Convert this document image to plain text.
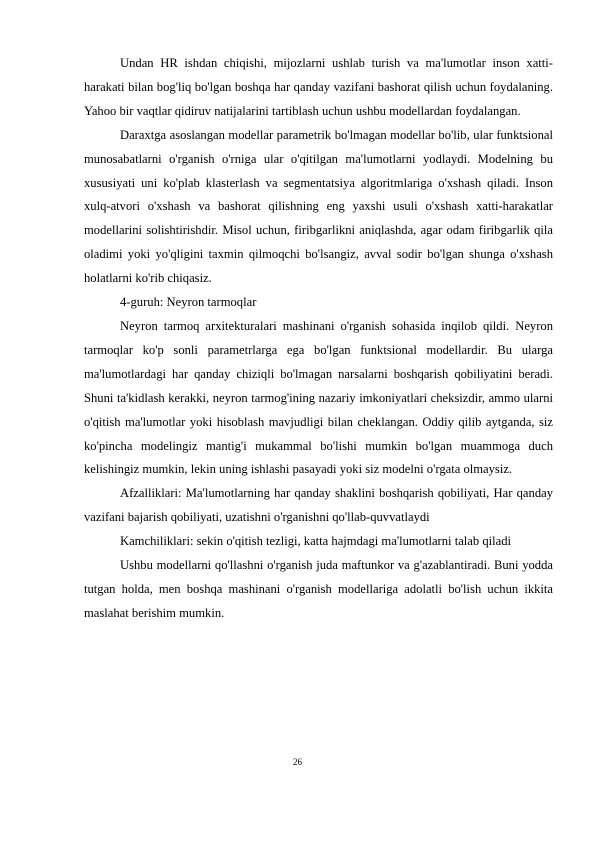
Undan HR ishdan chiqishi, mijozlarni ushlab turish va ma'lumotlar inson xatti-harakati bilan bog'liq bo'lgan boshqa har qanday vazifani bashorat qilish uchun foydalaning. Yahoo bir vaqtlar qidiruv natijalarini tartiblash uchun ushbu modellardan foydalangan.

Daraxtga asoslangan modellar parametrik bo'lmagan modellar bo'lib, ular funktsional munosabatlarni o'rganish o'rniga ular o'qitilgan ma'lumotlarni yodlaydi. Modelning bu xususiyati uni ko'plab klasterlash va segmentatsiya algoritmlariga o'xshash qiladi. Inson xulq-atvori o'xshash va bashorat qilishning eng yaxshi usuli o'xshash xatti-harakatlar modellarini solishtirishdir. Misol uchun, firibgarlikni aniqlashda, agar odam firibgarlik qila oladimi yoki yo'qligini taxmin qilmoqchi bo'lsangiz, avval sodir bo'lgan shunga o'xshash holatlarni ko'rib chiqasiz.

4-guruh: Neyron tarmoqlar

Neyron tarmoq arxitekturalari mashinani o'rganish sohasida inqilob qildi. Neyron tarmoqlar ko'p sonli parametrlarga ega bo'lgan funktsional modellardir. Bu ularga ma'lumotlardagi har qanday chiziqli bo'lmagan narsalarni boshqarish qobiliyatini beradi. Shuni ta'kidlash kerakki, neyron tarmog'ining nazariy imkoniyatlari cheksizdir, ammo ularni o'qitish ma'lumotlar yoki hisoblash mavjudligi bilan cheklangan. Oddiy qilib aytganda, siz ko'pincha modelingiz mantig'i mukammal bo'lishi mumkin bo'lgan muammoga duch kelishingiz mumkin, lekin uning ishlashi pasayadi yoki siz modelni o'rgata olmaysiz.

Afzalliklari: Ma'lumotlarning har qanday shaklini boshqarish qobiliyati, Har qanday vazifani bajarish qobiliyati, uzatishni o'rganishni qo'llab-quvvatlaydi

Kamchiliklari: sekin o'qitish tezligi, katta hajmdagi ma'lumotlarni talab qiladi

Ushbu modellarni qo'llashni o'rganish juda maftunkor va g'azablantiradi. Buni yodda tutgan holda, men boshqa mashinani o'rganish modellariga adolatli bo'lish uchun ikkita maslahat berishim mumkin.

26
